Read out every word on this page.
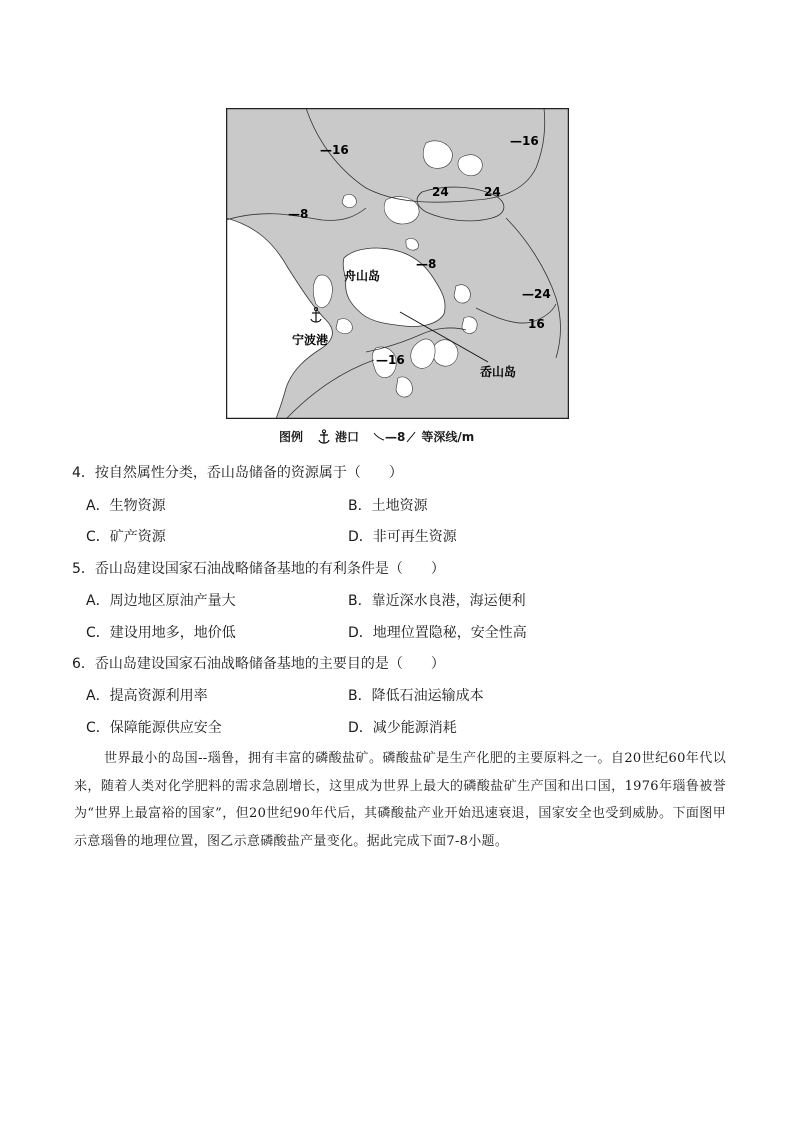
—16
—16
24	24
—8
—8
—24
16
—16
舟山岛
宁波港
岙山岛
图例	港口 —8 等深线/m
4．按自然属性分类，岙山岛储备的资源属于（　　）
A．生物资源	B．土地资源
C．矿产资源	D．非可再生资源
5．岙山岛建设国家石油战略储备基地的有利条件是（　　）
A．周边地区原油产量大	B．靠近深水良港，海运便利
C．建设用地多，地价低	D．地理位置隐秘，安全性高
6．岙山岛建设国家石油战略储备基地的主要目的是（　　）
A．提高资源利用率	B．降低石油运输成本
C．保障能源供应安全	D．减少能源消耗
世界最小的岛国--瑙鲁，拥有丰富的磷酸盐矿。磷酸盐矿是生产化肥的主要原料之一。自20世纪60年代以来，随着人类对化学肥料的需求急剧增长，这里成为世界上最大的磷酸盐矿生产国和出口国，1976年瑙鲁被誉为“世界上最富裕的国家”，但20世纪90年代后，其磷酸盐产业开始迅速衰退，国家安全也受到威胁。下面图甲示意瑙鲁的地理位置，图乙示意磷酸盐产量变化。据此完成下面7-8小题。
